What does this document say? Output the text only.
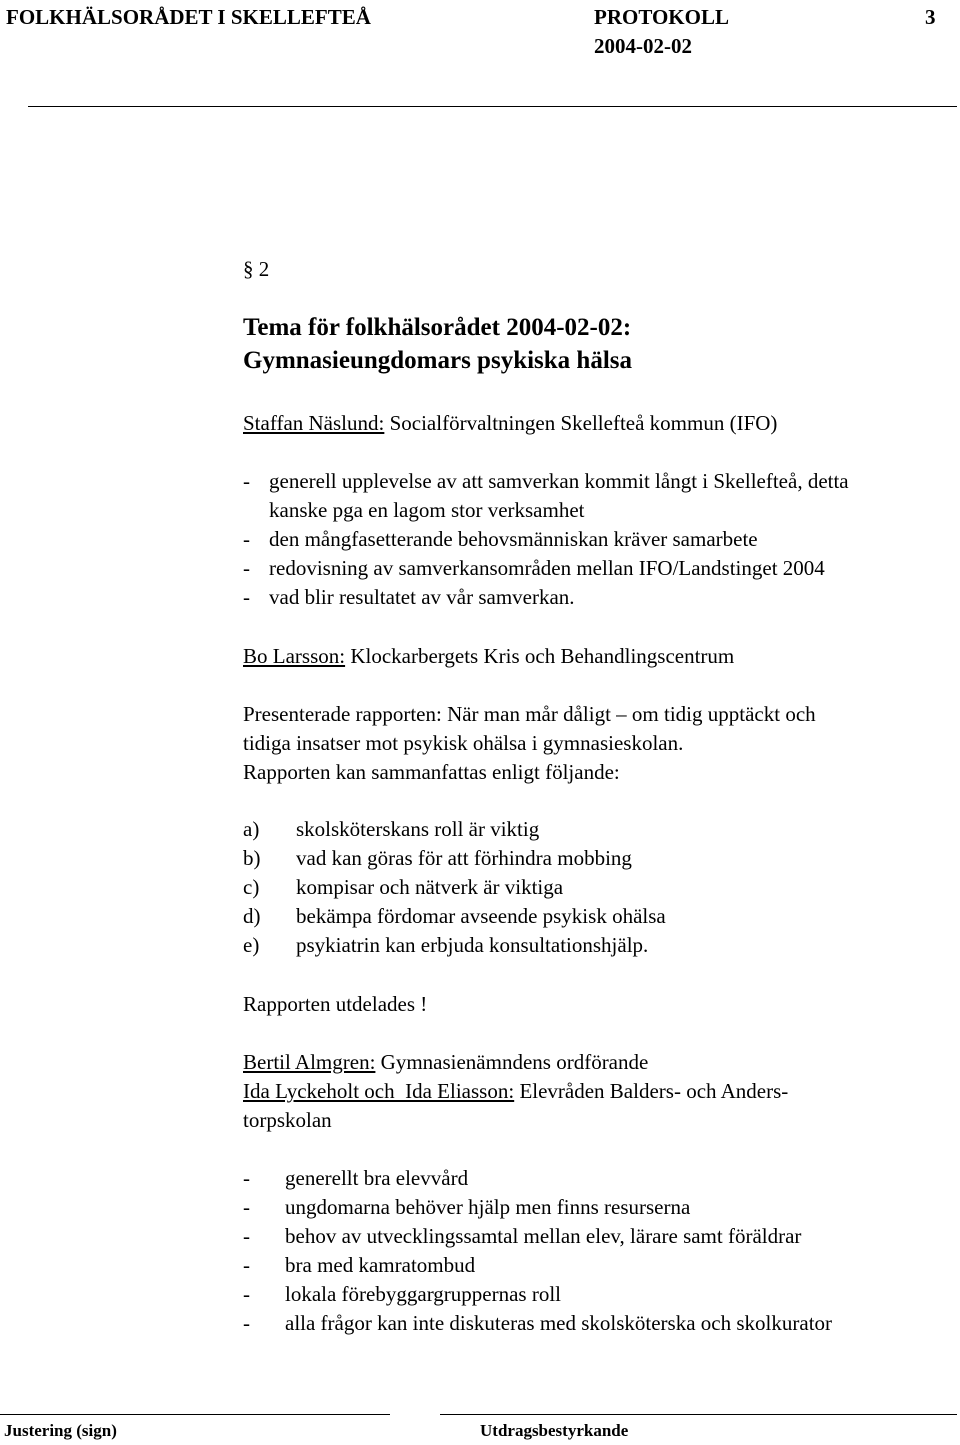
FOLKHÄLSORÅDET I SKELLEFTEÅ	PROTOKOLL	3
2004-02-02
§ 2
Tema för folkhälsorådet 2004-02-02:
Gymnasieungdomars psykiska hälsa
Staffan Näslund: Socialförvaltningen Skellefteå kommun (IFO)
- generell upplevelse av att samverkan kommit långt i Skellefteå, detta
kanske pga en lagom stor verksamhet
- den mångfasetterande behovsmänniskan kräver samarbete
- redovisning av samverkansområden mellan IFO/Landstinget 2004
- vad blir resultatet av vår samverkan.
Bo Larsson: Klockarbergets Kris och Behandlingscentrum
Presenterade rapporten: När man mår dåligt – om tidig upptäckt och
tidiga insatser mot psykisk ohälsa i gymnasieskolan.
Rapporten kan sammanfattas enligt följande:
a) skolsköterskans roll är viktig
b) vad kan göras för att förhindra mobbing
c) kompisar och nätverk är viktiga
d) bekämpa fördomar avseende psykisk ohälsa
e) psykiatrin kan erbjuda konsultationshjälp.
Rapporten utdelades !
Bertil Almgren: Gymnasienämndens ordförande
Ida Lyckeholt och  Ida Eliasson: Elevråden Balders- och Anders-
torpskolan
- generellt bra elevvård
- ungdomarna behöver hjälp men finns resurserna
- behov av utvecklingssamtal mellan elev, lärare samt föräldrar
- bra med kamratombud
- lokala förebyggargruppernas roll
- alla frågor kan inte diskuteras med skolsköterska och skolkurator
Justering (sign)	Utdragsbestyrkande
